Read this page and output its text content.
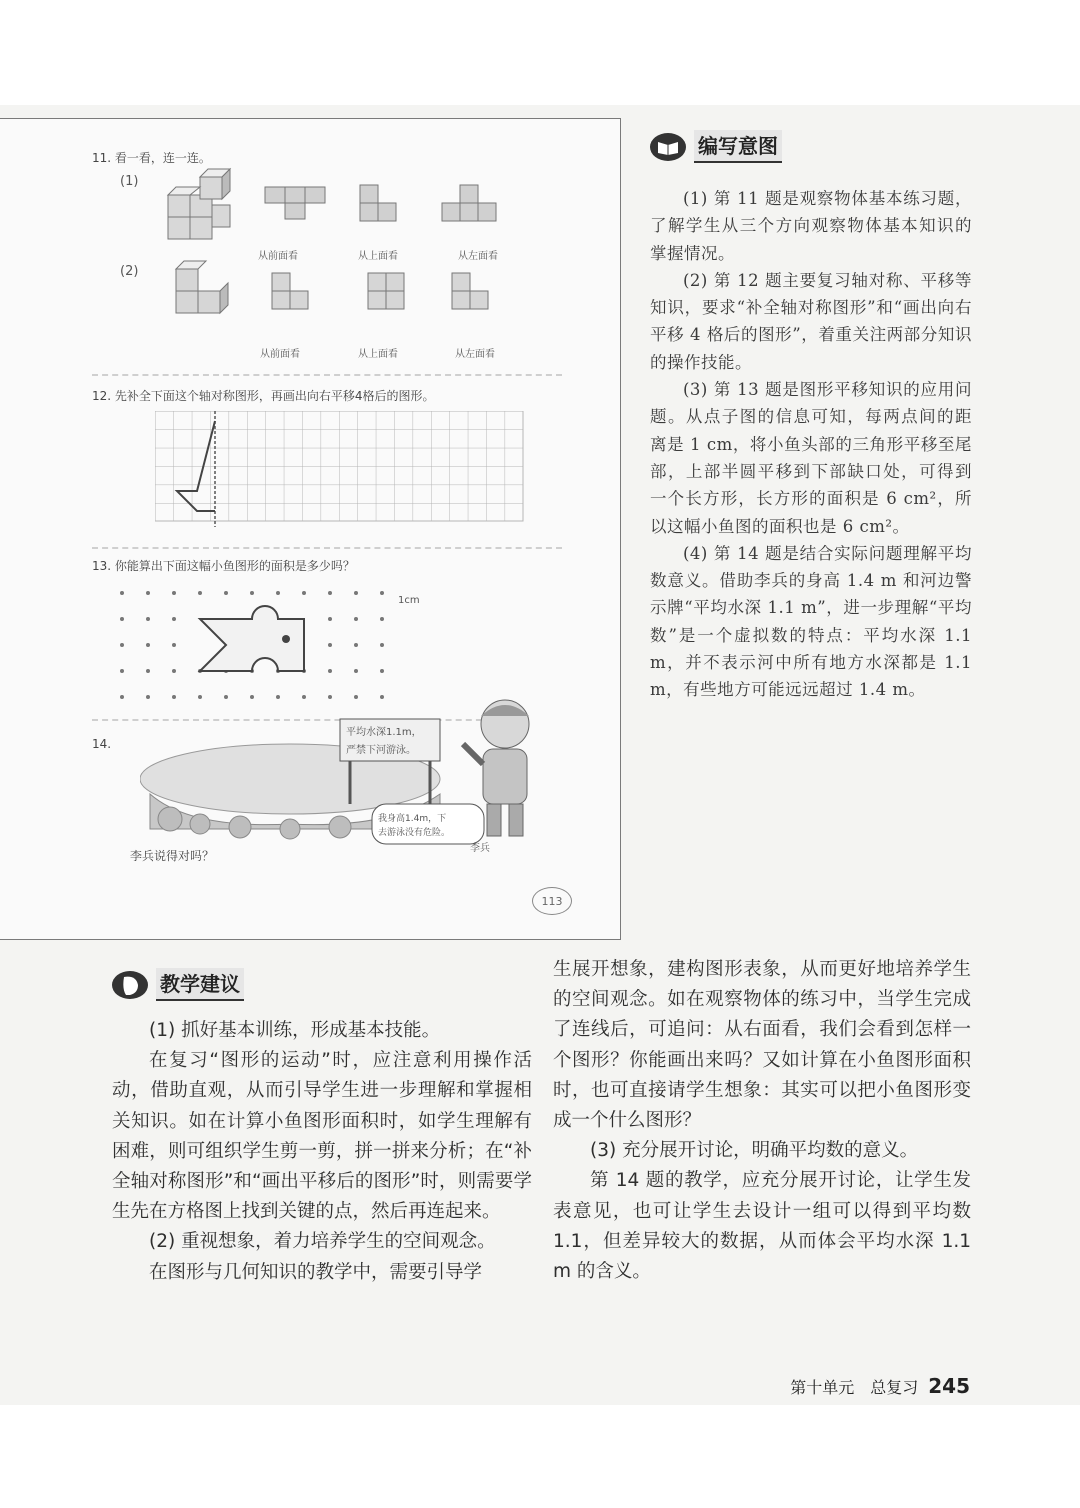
11. 看一看，连一连。
(1)
从前面看	从上面看	从左面看
(2)
从前面看	从上面看	从左面看
12. 先补全下面这个轴对称图形，再画出向右平移4格后的图形。
13. 你能算出下面这幅小鱼图形的面积是多少吗？
1cm
14.
平均水深1.1m，
严禁下河游泳。
我身高1.4m，下
去游泳没有危险。
李兵
李兵说得对吗？
113
编写意图

(1) 第 11 题是观察物体基本练习题，了解学生从三个方向观察物体基本知识的掌握情况。

(2) 第 12 题主要复习轴对称、平移等知识，要求“补全轴对称图形”和“画出向右平移 4 格后的图形”，着重关注两部分知识的操作技能。

(3) 第 13 题是图形平移知识的应用问题。从点子图的信息可知，每两点间的距离是 1 cm，将小鱼头部的三角形平移至尾部，上部半圆平移到下部缺口处，可得到一个长方形，长方形的面积是 6 cm²，所以这幅小鱼图的面积也是 6 cm²。

(4) 第 14 题是结合实际问题理解平均数意义。借助李兵的身高 1.4 m 和河边警示牌“平均水深 1.1 m”，进一步理解“平均数”是一个虚拟数的特点：平均水深 1.1 m，并不表示河中所有地方水深都是 1.1 m，有些地方可能远远超过 1.4 m。

教学建议

(1) 抓好基本训练，形成基本技能。

在复习“图形的运动”时，应注意利用操作活动，借助直观，从而引导学生进一步理解和掌握相关知识。如在计算小鱼图形面积时，如学生理解有困难，则可组织学生剪一剪，拼一拼来分析；在“补全轴对称图形”和“画出平移后的图形”时，则需要学生先在方格图上找到关键的点，然后再连起来。

(2) 重视想象，着力培养学生的空间观念。

在图形与几何知识的教学中，需要引导学

生展开想象，建构图形表象，从而更好地培养学生的空间观念。如在观察物体的练习中，当学生完成了连线后，可追问：从右面看，我们会看到怎样一个图形？你能画出来吗？又如计算在小鱼图形面积时，也可直接请学生想象：其实可以把小鱼图形变成一个什么图形？

(3) 充分展开讨论，明确平均数的意义。

第 14 题的教学，应充分展开讨论，让学生发表意见，也可让学生去设计一组可以得到平均数 1.1，但差异较大的数据，从而体会平均水深 1.1 m 的含义。

第十单元　总复习 245
